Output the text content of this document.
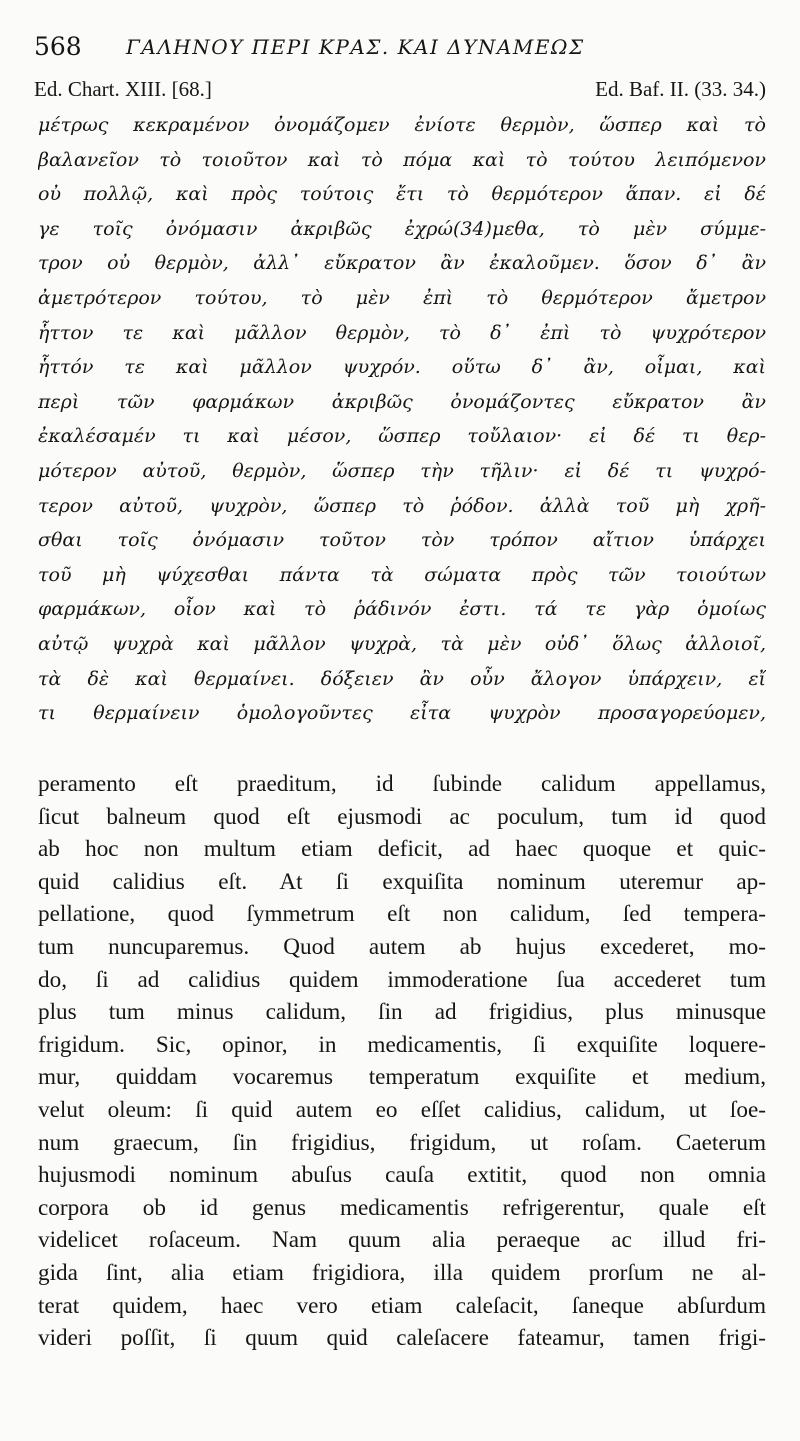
568 ΓΑΛΗΝΟΥ ΠΕΡΙ ΚΡΑΣ. ΚΑΙ ΔΥΝΑΜΕΩΣ
Ed. Chart. XIII. [68.]	Ed. Baf. II. (33. 34.)
μέτρως κεκραμένον ὀνομάζομεν ἐνίοτε θερμὸν, ὥσπερ καὶ τὸ
βαλανεῖον τὸ τοιοῦτον καὶ τὸ πόμα καὶ τὸ τούτου λειπόμενον
οὐ πολλῷ, καὶ πρὸς τούτοις ἔτι τὸ θερμότερον ἅπαν. εἰ δέ
γε τοῖς ὀνόμασιν ἀκριβῶς ἐχρώ(34)μεθα, τὸ μὲν σύμμε-
τρον οὐ θερμὸν, ἀλλ᾽ εὔκρατον ἂν ἐκαλοῦμεν. ὅσον δ᾽ ἂν
ἀμετρότερον τούτου, τὸ μὲν ἐπὶ τὸ θερμότερον ἄμετρον
ἧττον τε καὶ μᾶλλον θερμὸν, τὸ δ᾽ ἐπὶ τὸ ψυχρότερον
ἧττόν τε καὶ μᾶλλον ψυχρόν. οὕτω δ᾽ ἂν, οἶμαι, καὶ
περὶ τῶν φαρμάκων ἀκριβῶς ὀνομάζοντες εὔκρατον ἂν
ἐκαλέσαμέν τι καὶ μέσον, ὥσπερ τοὔλαιον· εἰ δέ τι θερ-
μότερον αὐτοῦ, θερμὸν, ὥσπερ τὴν τῆλιν· εἰ δέ τι ψυχρό-
τερον αὐτοῦ, ψυχρὸν, ὥσπερ τὸ ῥόδον. ἀλλὰ τοῦ μὴ χρῆ-
σθαι τοῖς ὀνόμασιν τοῦτον τὸν τρόπον αἴτιον ὑπάρχει
τοῦ μὴ ψύχεσθαι πάντα τὰ σώματα πρὸς τῶν τοιούτων
φαρμάκων, οἷον καὶ τὸ ῥάδινόν ἐστι. τά τε γὰρ ὁμοίως
αὐτῷ ψυχρὰ καὶ μᾶλλον ψυχρὰ, τὰ μὲν οὐδ᾽ ὅλως ἀλλοιοῖ,
τὰ δὲ καὶ θερμαίνει. δόξειεν ἂν οὖν ἄλογον ὑπάρχειν, εἴ
τι θερμαίνειν ὁμολογοῦντες εἶτα ψυχρὸν προσαγορεύομεν,
peramento eſt praeditum, id ſubinde calidum appellamus,
ſicut balneum quod eſt ejusmodi ac poculum, tum id quod
ab hoc non multum etiam deficit, ad haec quoque et quic-
quid calidius eſt. At ſi exquiſita nominum uteremur ap-
pellatione, quod ſymmetrum eſt non calidum, ſed tempera-
tum nuncuparemus. Quod autem ab hujus excederet, mo-
do, ſi ad calidius quidem immoderatione ſua accederet tum
plus tum minus calidum, ſin ad frigidius, plus minusque
frigidum. Sic, opinor, in medicamentis, ſi exquiſite loquere-
mur, quiddam vocaremus temperatum exquiſite et medium,
velut oleum: ſi quid autem eo eſſet calidius, calidum, ut ſoe-
num graecum, ſin frigidius, frigidum, ut roſam. Caeterum
hujusmodi nominum abuſus cauſa extitit, quod non omnia
corpora ob id genus medicamentis refrigerentur, quale eſt
videlicet roſaceum. Nam quum alia peraeque ac illud fri-
gida ſint, alia etiam frigidiora, illa quidem prorſum ne al-
terat quidem, haec vero etiam caleſacit, ſaneque abſurdum
videri poſſit, ſi quum quid caleſacere fateamur, tamen frigi-
